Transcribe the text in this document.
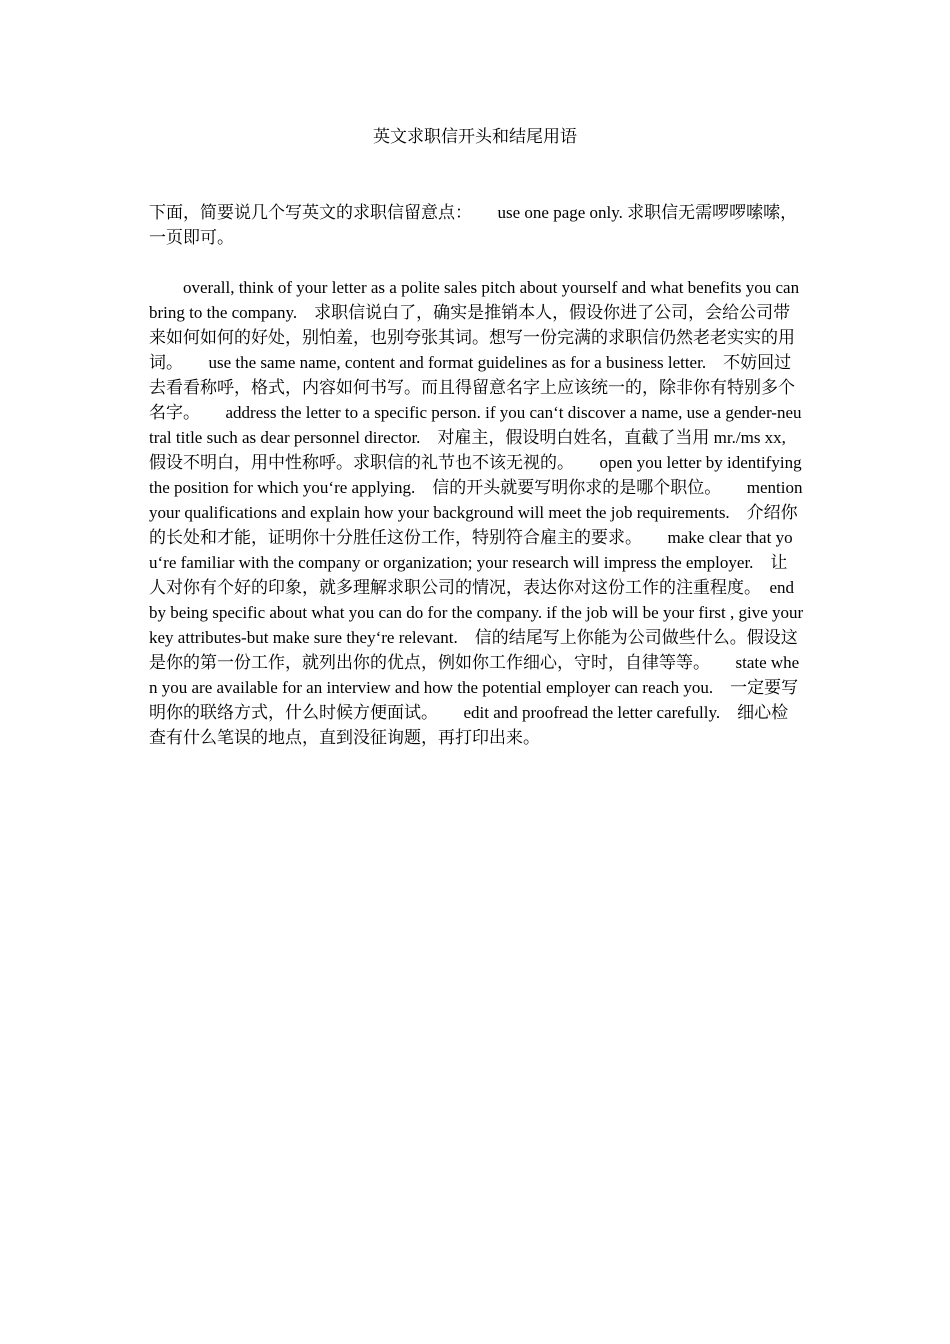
英文求职信开头和结尾用语
下面，简要说几个写英文的求职信留意点：　　use one page only. 求职信无需啰啰嗦嗦，一页即可。
　　overall, think of your letter as a polite sales pitch about yourself and what benefits you can bring to the company.　求职信说白了，确实是推销本人，假设你进了公司，会给公司带来如何如何的好处，别怕羞，也别夸张其词。想写一份完满的求职信仍然老老实实的用词。　　use the same name, content and format guidelines as for a business letter.　不妨回过去看看称呼，格式，内容如何书写。而且得留意名字上应该统一的，除非你有特别多个名字。　　address the letter to a specific person. if you can‘t discover a name, use a gender-neutral title such as dear personnel director.　对雇主，假设明白姓名，直截了当用 mr./ms xx, 假设不明白，用中性称呼。求职信的礼节也不该无视的。　　open you letter by identifying the position for which you‘re applying.　信的开头就要写明你求的是哪个职位。　　mention your qualifications and explain how your background will meet the job requirements.　介绍你的长处和才能，证明你十分胜任这份工作，特别符合雇主的要求。　　make clear that you‘re familiar with the company or organization; your research will impress the employer.　让人对你有个好的印象，就多理解求职公司的情况，表达你对这份工作的注重程度。　end by being specific about what you can do for the company. if the job will be your first , give your key attributes-but make sure they‘re relevant.　信的结尾写上你能为公司做些什么。假设这是你的第一份工作，就列出你的优点，例如你工作细心，守时，自律等等。　　state when you are available for an interview and how the potential employer can reach you.　一定要写明你的联络方式，什么时候方便面试。　　edit and proofread the letter carefully.　细心检查有什么笔误的地点，直到没征询题，再打印出来。
